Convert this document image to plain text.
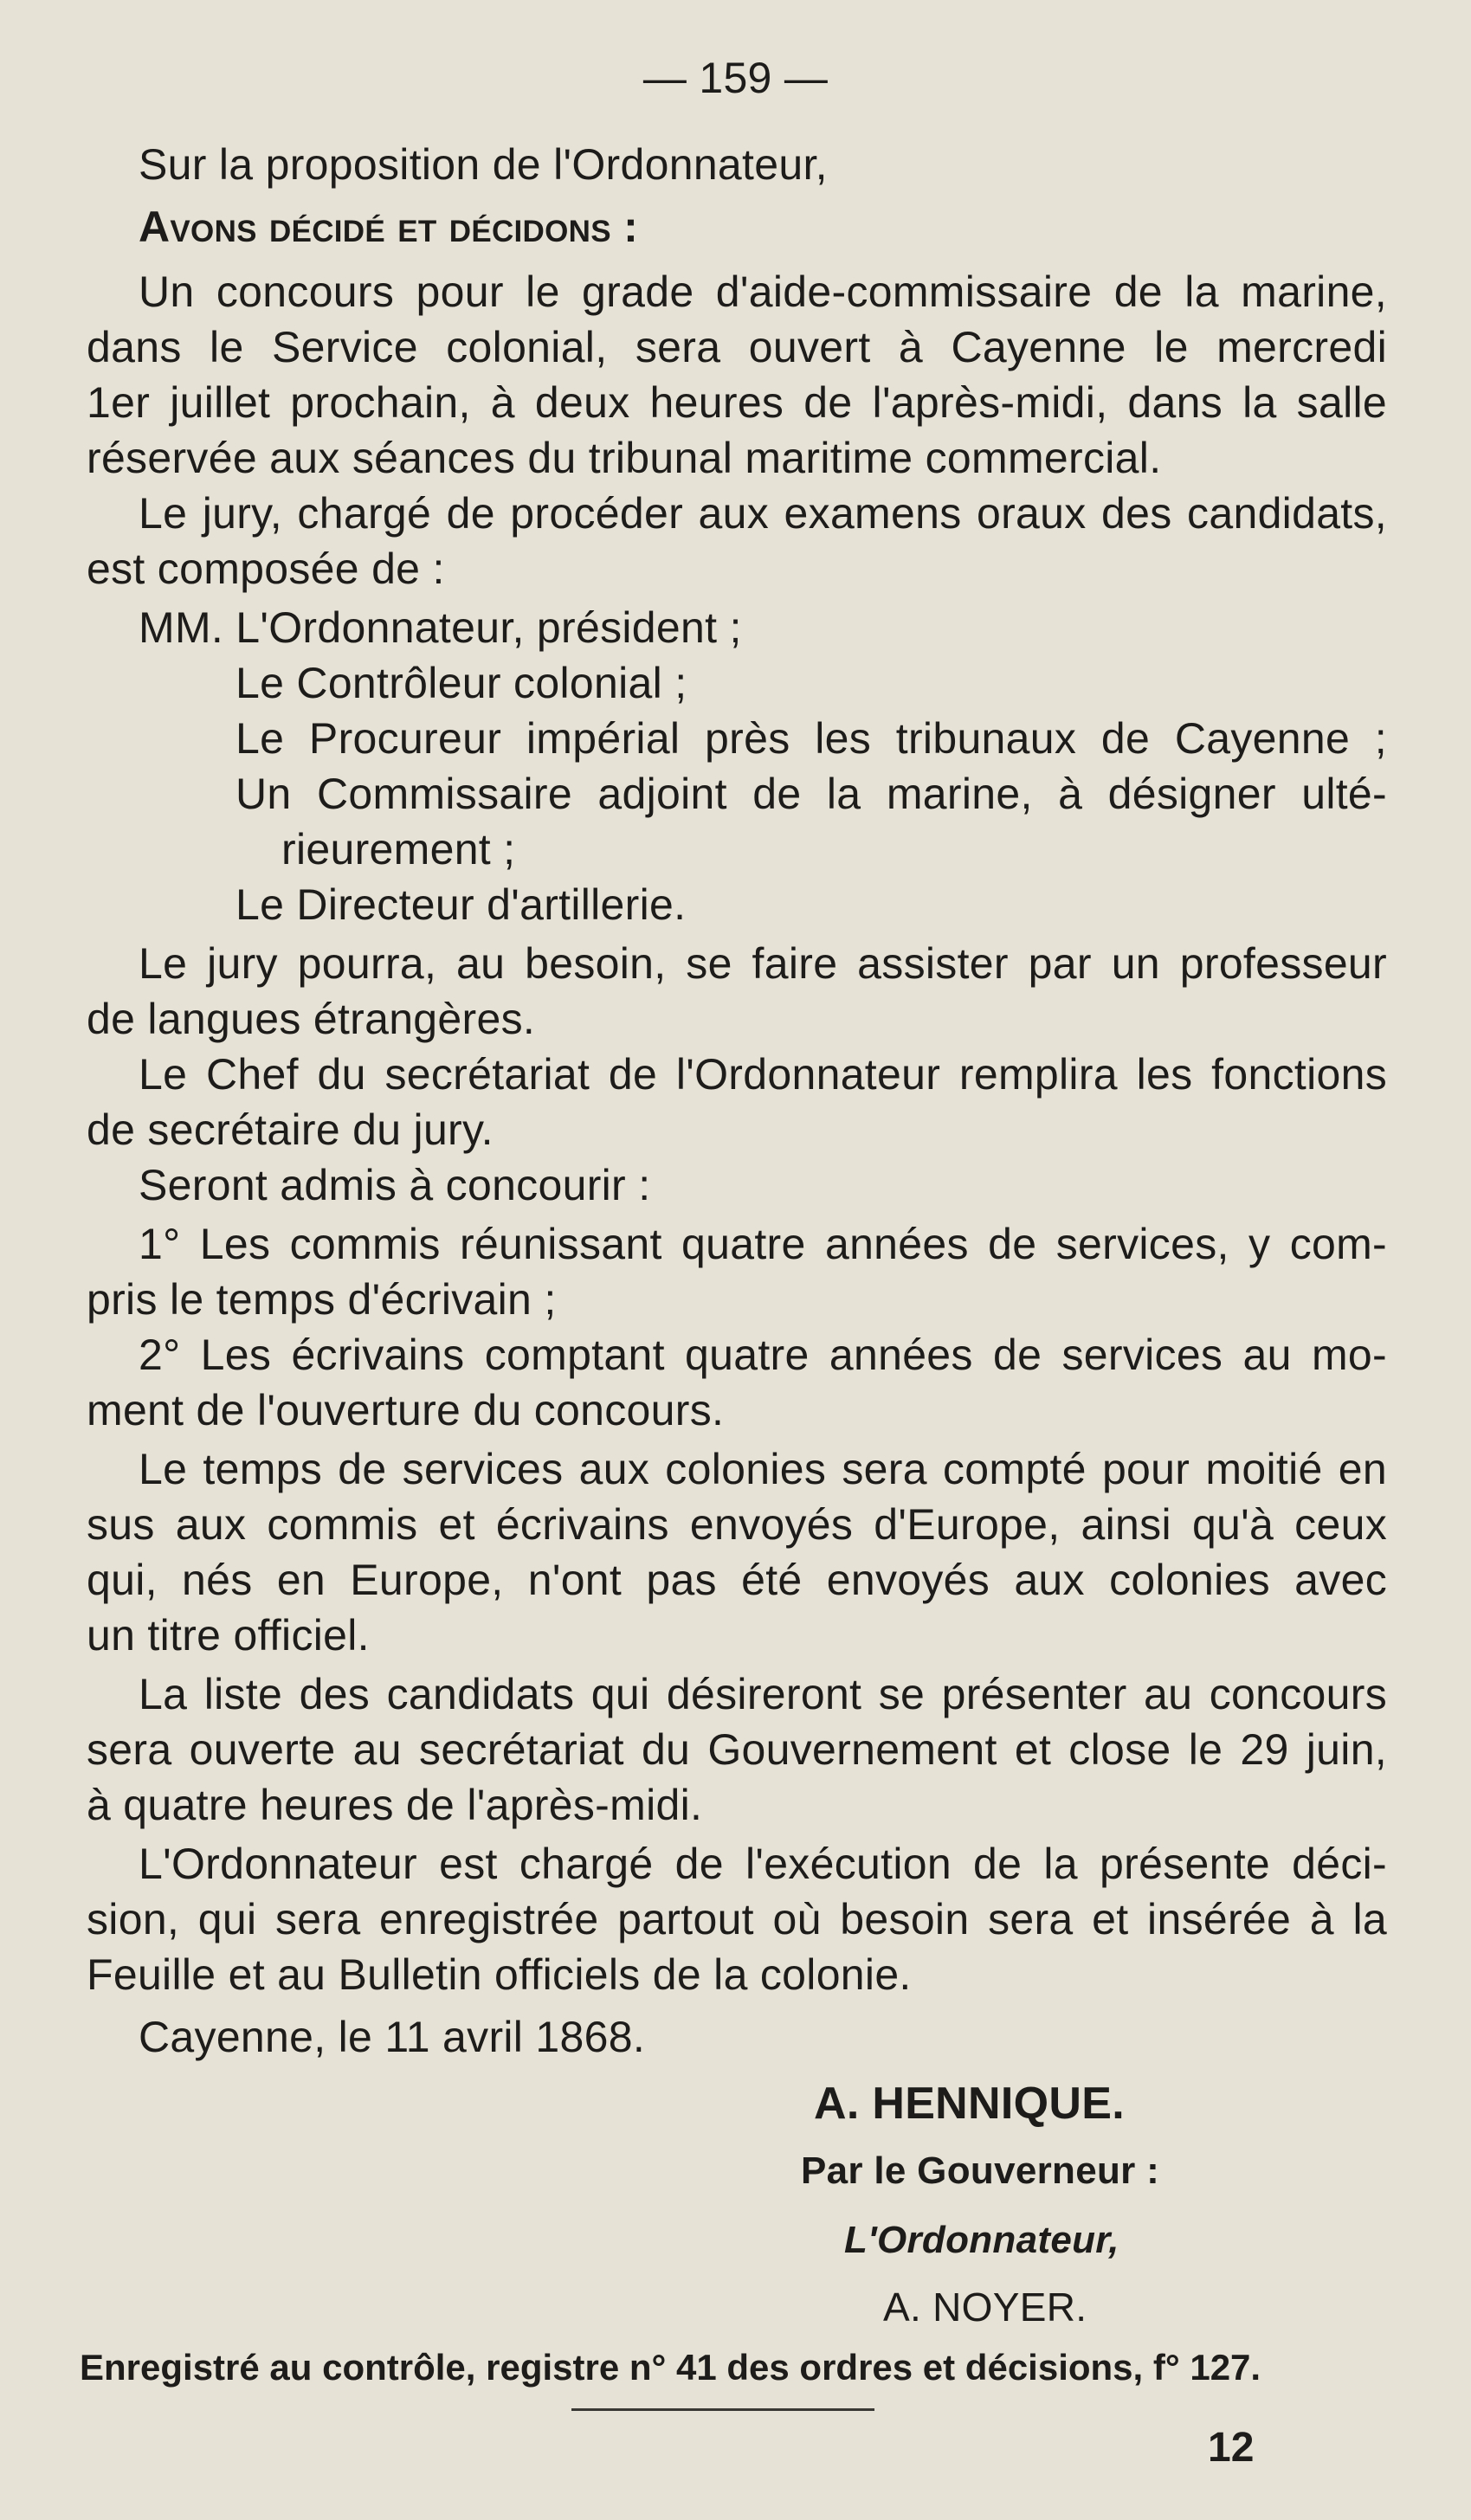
— 159 —
Sur la proposition de l'Ordonnateur,
Avons décidé et décidons :
Un concours pour le grade d'aide-commissaire de la marine,
dans le Service colonial, sera ouvert à Cayenne le mercredi
1er juillet prochain, à deux heures de l'après-midi, dans la salle
réservée aux séances du tribunal maritime commercial.
Le jury, chargé de procéder aux examens oraux des candidats,
est composée de :
MM. L'Ordonnateur, président ;
Le Contrôleur colonial ;
Le Procureur impérial près les tribunaux de Cayenne ;
Un Commissaire adjoint de la marine, à désigner ulté-
rieurement ;
Le Directeur d'artillerie.
Le jury pourra, au besoin, se faire assister par un professeur
de langues étrangères.
Le Chef du secrétariat de l'Ordonnateur remplira les fonctions
de secrétaire du jury.
Seront admis à concourir :
1° Les commis réunissant quatre années de services, y com-
pris le temps d'écrivain ;
2° Les écrivains comptant quatre années de services au mo-
ment de l'ouverture du concours.
Le temps de services aux colonies sera compté pour moitié en
sus aux commis et écrivains envoyés d'Europe, ainsi qu'à ceux
qui, nés en Europe, n'ont pas été envoyés aux colonies avec
un titre officiel.
La liste des candidats qui désireront se présenter au concours
sera ouverte au secrétariat du Gouvernement et close le 29 juin,
à quatre heures de l'après-midi.
L'Ordonnateur est chargé de l'exécution de la présente déci-
sion, qui sera enregistrée partout où besoin sera et insérée à la
Feuille et au Bulletin officiels de la colonie.
Cayenne, le 11 avril 1868.
A. HENNIQUE.
Par le Gouverneur :
L'Ordonnateur,
A. NOYER.
Enregistré au contrôle, registre n° 41 des ordres et décisions, f° 127.
12
